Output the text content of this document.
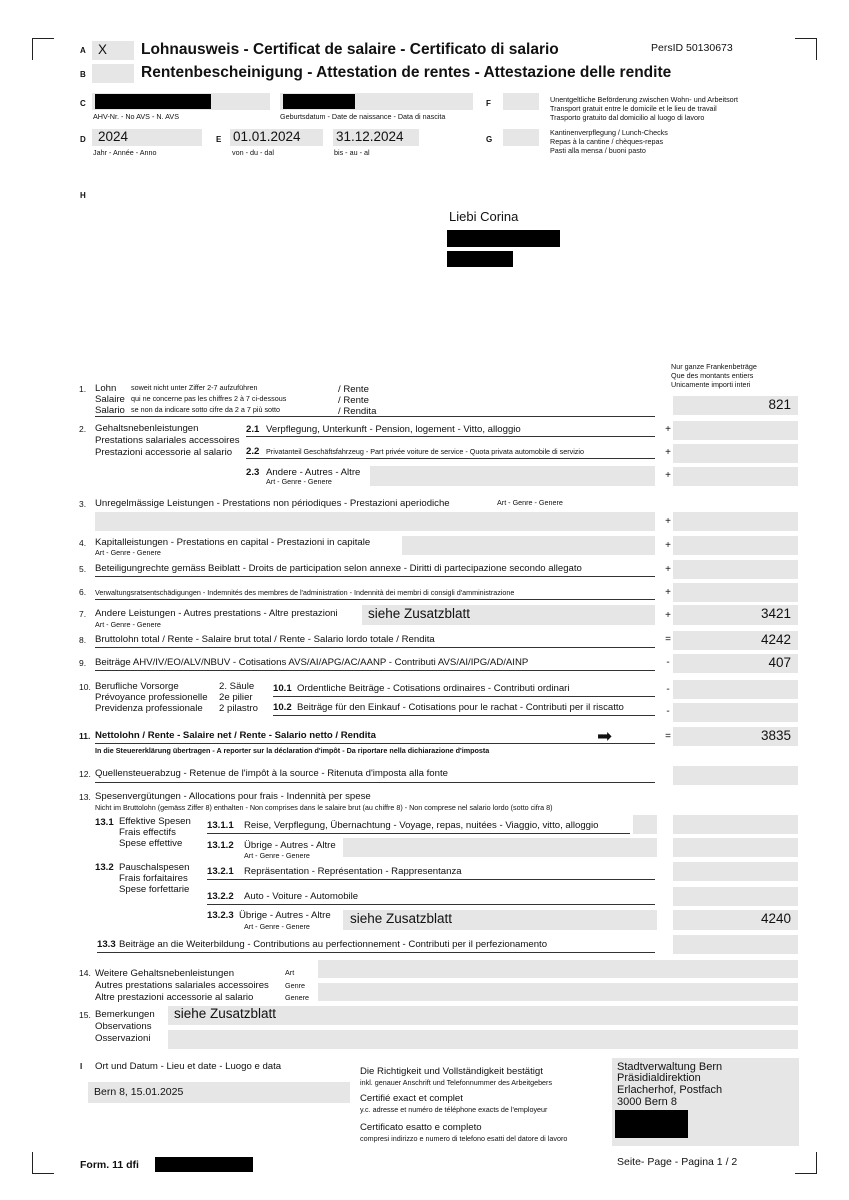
A X Lohnausweis - Certificat de salaire - Certificato di salario	PersID 50130673
B	Rentenbescheinigung - Attestation de rentes - Attestazione delle rendite
C
AHV-Nr. - No AVS - N. AVS	Geburtsdatum - Date de naissance - Data di nascita
D 2024
Jahr - Année - Anno
E 01.01.2024
von - du - dal
31.12.2024
bis - au - al
F	Unentgeltliche Beförderung zwischen Wohn- und Arbeitsort
Transport gratuit entre le domicile et le lieu de travail
Trasporto gratuito dal domicilio al luogo di lavoro
G
Kantinenverpflegung / Lunch-Checks
Repas à la cantine / chèques-repas
Pasti alla mensa / buoni pasto
H
Liebi Corina
Nur ganze Frankenbeträge
Que des montants entiers
Unicamente importi interi
1. Lohn
Salaire
Salario
soweit nicht unter Ziffer 2-7 aufzuführen
qui ne concerne pas les chiffres 2 à 7 ci-dessous
se non da indicare sotto cifre da 2 a 7 più sotto
/ Rente
/ Rente
/ Rendita	821
2. Gehaltsnebenleistungen
Prestations salariales accessoires
Prestazioni accessorie al salario
2.1 Verpflegung, Unterkunft - Pension, logement - Vitto, alloggio	+
2.2 Privatanteil Geschäftsfahrzeug - Part privée voiture de service - Quota privata automobile di servizio	+
2.3 Andere - Autres - Altre
Art - Genre - Genere
+
3. Unregelmässige Leistungen - Prestations non périodiques - Prestazioni aperiodiche	Art - Genre - Genere
+
4. Kapitalleistungen - Prestations en capital - Prestazioni in capitale
Art - Genre - Genere
+
5. Beteiligungrechte gemäss Beiblatt - Droits de participation selon annexe - Diritti di partecipazione secondo allegato	+
6. Verwaltungsratsentschädigungen - Indemnités des membres de l'administration - Indennità dei membri di consigli d'amministrazione	+
7. Andere Leistungen - Autres prestations - Altre prestazioni
Art - Genre - Genere
siehe Zusatzblatt	+	3421
8. Bruttolohn total / Rente - Salaire brut total / Rente - Salario lordo totale / Rendita	=	4242
9. Beiträge AHV/IV/EO/ALV/NBUV - Cotisations AVS/AI/APG/AC/AANP - Contributi AVS/AI/IPG/AD/AINP	-	407
10. Berufliche Vorsorge
Prévoyance professionelle
Previdenza professionale
2. Säule
2e pilier
2 pilastro
10.1 Ordentliche Beiträge - Cotisations ordinaires - Contributi ordinari	-
10.2 Beiträge für den Einkauf - Cotisations pour le rachat - Contributi per il riscatto	-
11. Nettolohn / Rente - Salaire net / Rente - Salario netto / Rendita
In die Steuererklärung übertragen - A reporter sur la déclaration d'impôt - Da riportare nella dichiarazione d'imposta
➡	=	3835
12. Quellensteuerabzug - Retenue de l'impôt à la source - Ritenuta d'imposta alla fonte
13. Spesenvergütungen - Allocations pour frais - Indennità per spese
Nicht im Bruttolohn (gemäss Ziffer 8) enthalten - Non comprises dans le salaire brut (au chiffre 8) - Non comprese nel salario lordo (sotto cifra 8)
13.1 Effektive Spesen
Frais effectifs
Spese effettive
13.1.1 Reise, Verpflegung, Übernachtung - Voyage, repas, nuitées - Viaggio, vitto, alloggio
13.1.2 Übrige - Autres - Altre
Art - Genre - Genere
13.2 Pauschalspesen
Frais forfaitaires
Spese forfettarie
13.2.1 Repräsentation - Représentation - Rappresentanza
13.2.2 Auto - Voiture - Automobile
13.2.3 Übrige - Autres - Altre
Art - Genre - Genere
siehe Zusatzblatt	4240
13.3 Beiträge an die Weiterbildung - Contributions au perfectionnement - Contributi per il perfezionamento
14. Weitere Gehaltsnebenleistungen
Autres prestations salariales accessoires
Altre prestazioni accessorie al salario
Art
Genre
Genere
15. Bemerkungen
Observations
Osservazioni
siehe Zusatzblatt
I Ort und Datum - Lieu et date - Luogo e data
Bern 8, 15.01.2025
Die Richtigkeit und Vollständigkeit bestätigt
inkl. genauer Anschrift und Telefonnummer des Arbeitgebers
Certifié exact et complet
y.c. adresse et numéro de téléphone exacts de l'employeur
Certificato esatto e completo
compresi indirizzo e numero di telefono esatti del datore di lavoro
Stadtverwaltung Bern
Präsidialdirektion
Erlacherhof, Postfach
3000 Bern 8
Form. 11 dfi	Seite- Page - Pagina 1 / 2
